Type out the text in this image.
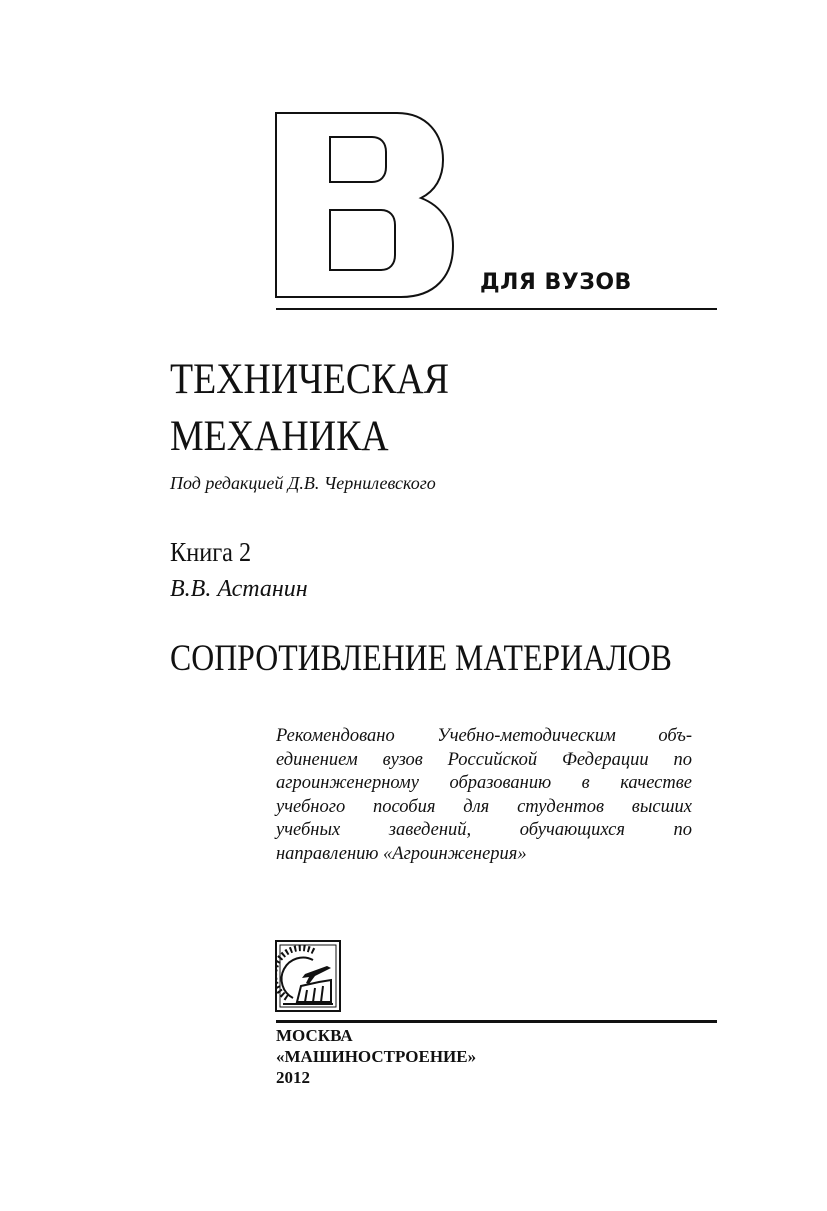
ДЛЯ ВУЗОВ
ТЕХНИЧЕСКАЯ
МЕХАНИКА
Под редакцией Д.В. Чернилевского
Книга 2
В.В. Астанин
СОПРОТИВЛЕНИЕ МАТЕРИАЛОВ
Рекомендовано Учебно-методическим объ-
единением вузов Российской Федерации по
агроинженерному образованию в качестве
учебного пособия для студентов высших
учебных заведений, обучающихся по
направлению «Агроинженерия»
МОСКВА
«МАШИНОСТРОЕНИЕ»
2012
